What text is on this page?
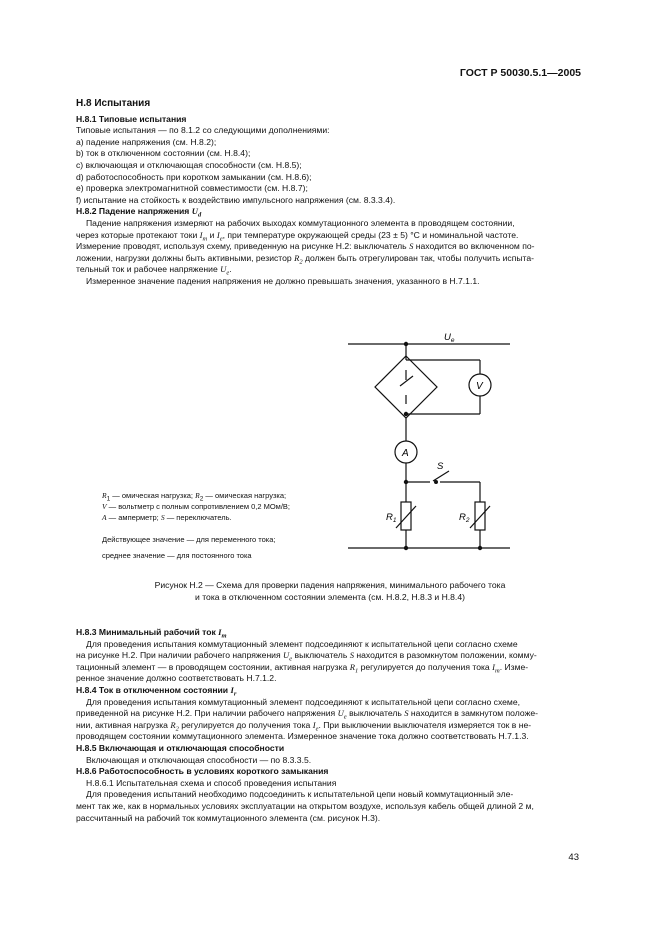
ГОСТ Р 50030.5.1—2005

Н.8 Испытания

Н.8.1 Типовые испытания

Типовые испытания — по 8.1.2 со следующими дополнениями:

а) падение напряжения (см. Н.8.2);

b) ток в отключенном состоянии (см. Н.8.4);

c) включающая и отключающая способности (см. Н.8.5);

d) работоспособность при коротком замыкании (см. Н.8.6);

e) проверка электромагнитной совместимости (см. Н.8.7);

f) испытание на стойкость к воздействию импульсного напряжения (см. 8.3.3.4).

Н.8.2 Падение напряжения $U_d$

Падение напряжения измеряют на рабочих выходах коммутационного элемента в проводящем состоянии,

через которые протекают токи $I_m$ и $I_e$, при температуре окружающей среды (23 ± 5) °С и номинальной частоте.

Измерение проводят, используя схему, приведенную на рисунке Н.2: выключатель S находится во включенном по-

ложении, нагрузки должны быть активными, резистор $R_2$ должен быть отрегулирован так, чтобы получить испыта-

тельный ток и рабочее напряжение $U_e$.

Измеренное значение падения напряжения не должно превышать значения, указанного в Н.7.1.1.

$U_e$
V
A
S
$R_1$	$R_2$

$R_1$ — омическая нагрузка; $R_2$ — омическая нагрузка;

V — вольтметр с полным сопротивлением 0,2 МОм/В;

A — амперметр; S — переключатель.

Действующее значение — для переменного тока;

среднее значение — для постоянного тока

Рисунок Н.2 — Схема для проверки падения напряжения, минимального рабочего тока
и тока в отключенном состоянии элемента (см. Н.8.2, Н.8.3 и Н.8.4)

Н.8.3 Минимальный рабочий ток $I_m$

Для проведения испытания коммутационный элемент подсоединяют к испытательной цепи согласно схеме

на рисунке Н.2. При наличии рабочего напряжения $U_e$ выключатель S находится в разомкнутом положении, комму-

тационный элемент — в проводящем состоянии, активная нагрузка $R_1$ регулируется до получения тока $I_m$. Изме-

ренное значение должно соответствовать Н.7.1.2.

Н.8.4 Ток в отключенном состоянии $I_r$

Для проведения испытания коммутационный элемент подсоединяют к испытательной цепи согласно схеме,

приведенной на рисунке Н.2. При наличии рабочего напряжения $U_e$ выключатель S находится в замкнутом положе-

нии, активная нагрузка $R_2$ регулируется до получения тока $I_e$. При выключении выключателя измеряется ток в не-

проводящем состоянии коммутационного элемента. Измеренное значение тока должно соответствовать Н.7.1.3.

Н.8.5 Включающая и отключающая способности

Включающая и отключающая способности — по 8.3.3.5.

Н.8.6 Работоспособность в условиях короткого замыкания

Н.8.6.1 Испытательная схема и способ проведения испытания

Для проведения испытаний необходимо подсоединить к испытательной цепи новый коммутационный эле-

мент так же, как в нормальных условиях эксплуатации на открытом воздухе, используя кабель общей длиной 2 м,

рассчитанный на рабочий ток коммутационного элемента (см. рисунок Н.3).

43
